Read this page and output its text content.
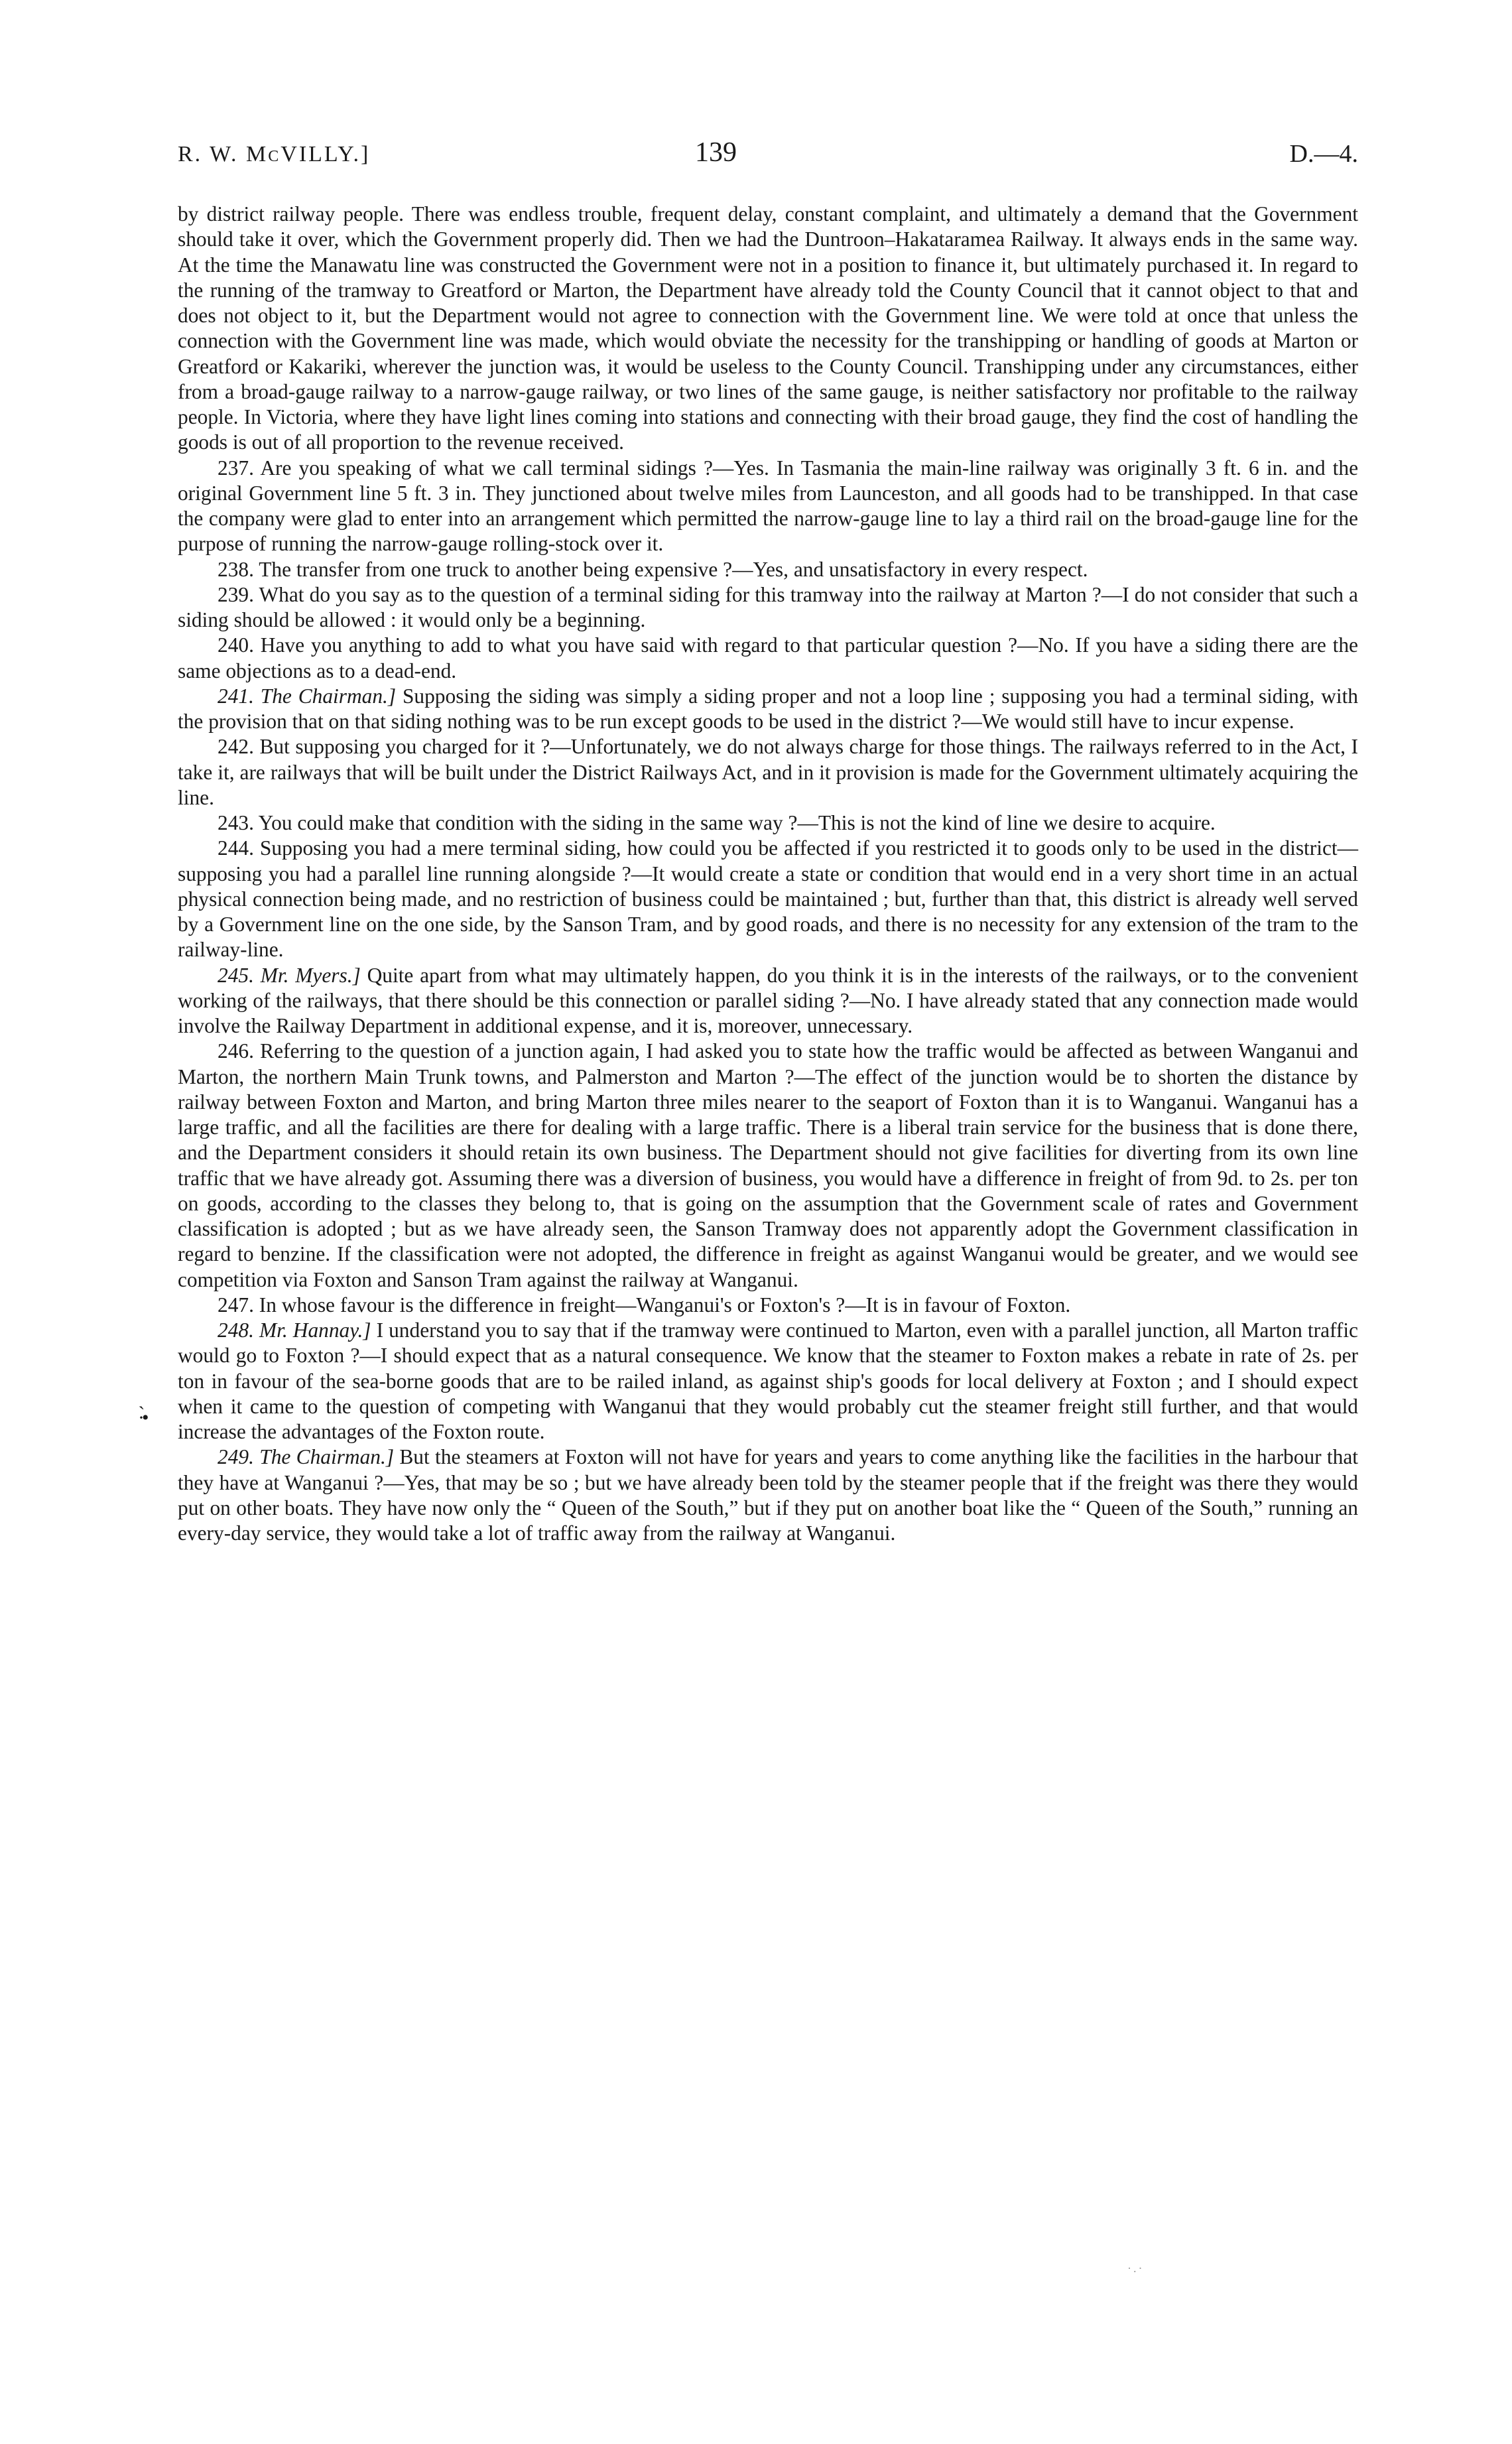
R. W. McVILLY.]	139	D.—4.
·̀•

by district railway people. There was endless trouble, frequent delay, constant complaint, and ultimately a demand that the Government should take it over, which the Government properly did. Then we had the Duntroon–Hakataramea Railway. It always ends in the same way. At the time the Manawatu line was constructed the Government were not in a position to finance it, but ultimately purchased it. In regard to the running of the tramway to Greatford or Marton, the Department have already told the County Council that it cannot object to that and does not object to it, but the Department would not agree to connection with the Government line. We were told at once that unless the connection with the Government line was made, which would obviate the necessity for the transhipping or handling of goods at Marton or Greatford or Kakariki, wherever the junction was, it would be useless to the County Council. Transhipping under any circumstances, either from a broad-gauge railway to a narrow-gauge railway, or two lines of the same gauge, is neither satisfactory nor profitable to the railway people. In Victoria, where they have light lines coming into stations and connecting with their broad gauge, they find the cost of handling the goods is out of all proportion to the revenue received.

237. Are you speaking of what we call terminal sidings ?—Yes. In Tasmania the main-line railway was originally 3 ft. 6 in. and the original Government line 5 ft. 3 in. They junctioned about twelve miles from Launceston, and all goods had to be transhipped. In that case the company were glad to enter into an arrangement which permitted the narrow-gauge line to lay a third rail on the broad-gauge line for the purpose of running the narrow-gauge rolling-stock over it.

238. The transfer from one truck to another being expensive ?—Yes, and unsatisfactory in every respect.

239. What do you say as to the question of a terminal siding for this tramway into the railway at Marton ?—I do not consider that such a siding should be allowed : it would only be a beginning.

240. Have you anything to add to what you have said with regard to that particular question ?—No. If you have a siding there are the same objections as to a dead-end.

241. The Chairman.] Supposing the siding was simply a siding proper and not a loop line ; supposing you had a terminal siding, with the provision that on that siding nothing was to be run except goods to be used in the district ?—We would still have to incur expense.

242. But supposing you charged for it ?—Unfortunately, we do not always charge for those things. The railways referred to in the Act, I take it, are railways that will be built under the District Railways Act, and in it provision is made for the Government ultimately acquiring the line.

243. You could make that condition with the siding in the same way ?—This is not the kind of line we desire to acquire.

244. Supposing you had a mere terminal siding, how could you be affected if you restricted it to goods only to be used in the district—supposing you had a parallel line running alongside ?—It would create a state or condition that would end in a very short time in an actual physical connection being made, and no restriction of business could be maintained ; but, further than that, this district is already well served by a Government line on the one side, by the Sanson Tram, and by good roads, and there is no necessity for any extension of the tram to the railway-line.

245. Mr. Myers.] Quite apart from what may ultimately happen, do you think it is in the interests of the railways, or to the convenient working of the railways, that there should be this connection or parallel siding ?—No. I have already stated that any connection made would involve the Railway Department in additional expense, and it is, moreover, unnecessary.

246. Referring to the question of a junction again, I had asked you to state how the traffic would be affected as between Wanganui and Marton, the northern Main Trunk towns, and Palmerston and Marton ?—The effect of the junction would be to shorten the distance by railway between Foxton and Marton, and bring Marton three miles nearer to the seaport of Foxton than it is to Wanganui. Wanganui has a large traffic, and all the facilities are there for dealing with a large traffic. There is a liberal train service for the business that is done there, and the Department considers it should retain its own business. The Department should not give facilities for diverting from its own line traffic that we have already got. Assuming there was a diversion of business, you would have a difference in freight of from 9d. to 2s. per ton on goods, according to the classes they belong to, that is going on the assumption that the Government scale of rates and Government classification is adopted ; but as we have already seen, the Sanson Tramway does not apparently adopt the Government classification in regard to benzine. If the classification were not adopted, the difference in freight as against Wanganui would be greater, and we would see competition via Foxton and Sanson Tram against the railway at Wanganui.

247. In whose favour is the difference in freight—Wanganui's or Foxton's ?—It is in favour of Foxton.

248. Mr. Hannay.] I understand you to say that if the tramway were continued to Marton, even with a parallel junction, all Marton traffic would go to Foxton ?—I should expect that as a natural consequence. We know that the steamer to Foxton makes a rebate in rate of 2s. per ton in favour of the sea-borne goods that are to be railed inland, as against ship's goods for local delivery at Foxton ; and I should expect when it came to the question of competing with Wanganui that they would probably cut the steamer freight still further, and that would increase the advantages of the Foxton route.

249. The Chairman.] But the steamers at Foxton will not have for years and years to come anything like the facilities in the harbour that they have at Wanganui ?—Yes, that may be so ; but we have already been told by the steamer people that if the freight was there they would put on other boats. They have now only the “ Queen of the South,” but if they put on another boat like the “ Queen of the South,” running an every-day service, they would take a lot of traffic away from the railway at Wanganui.

·.·
